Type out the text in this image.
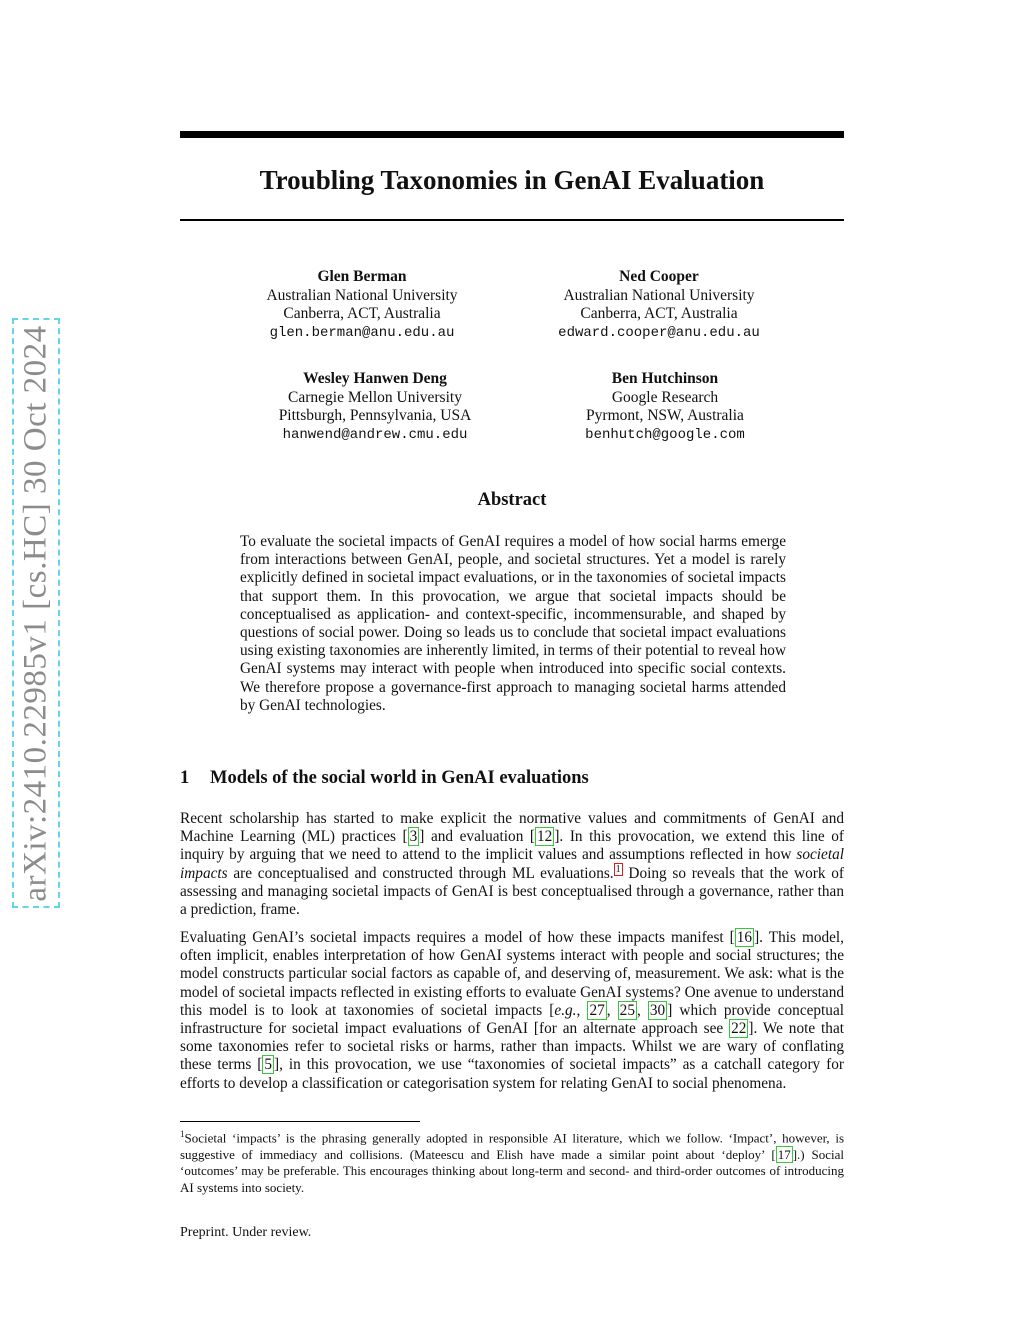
arXiv:2410.22985v1 [cs.HC] 30 Oct 2024
Troubling Taxonomies in GenAI Evaluation
Glen Berman
Australian National University
Canberra, ACT, Australia
glen.berman@anu.edu.au
Ned Cooper
Australian National University
Canberra, ACT, Australia
edward.cooper@anu.edu.au
Wesley Hanwen Deng
Carnegie Mellon University
Pittsburgh, Pennsylvania, USA
hanwend@andrew.cmu.edu
Ben Hutchinson
Google Research
Pyrmont, NSW, Australia
benhutch@google.com
Abstract

To evaluate the societal impacts of GenAI requires a model of how social harms emerge from interactions between GenAI, people, and societal structures. Yet a model is rarely explicitly defined in societal impact evaluations, or in the taxonomies of societal impacts that support them. In this provocation, we argue that societal impacts should be conceptualised as application- and context-specific, incommensurable, and shaped by questions of social power. Doing so leads us to conclude that societal impact evaluations using existing taxonomies are inherently limited, in terms of their potential to reveal how GenAI systems may interact with people when introduced into specific social contexts. We therefore propose a governance-first approach to managing societal harms attended by GenAI technologies.

1 Models of the social world in GenAI evaluations

Recent scholarship has started to make explicit the normative values and commitments of GenAI and Machine Learning (ML) practices [ 3 ] and evaluation [ 12 ]. In this provocation, we extend this line of inquiry by arguing that we need to attend to the implicit values and assumptions reflected in how societal impacts are conceptualised and constructed through ML evaluations. $^1$ Doing so reveals that the work of assessing and managing societal impacts of GenAI is best conceptualised through a governance, rather than a prediction, frame.

Evaluating GenAI’s societal impacts requires a model of how these impacts manifest [ 16 ]. This model, often implicit, enables interpretation of how GenAI systems interact with people and social structures; the model constructs particular social factors as capable of, and deserving of, measurement. We ask: what is the model of societal impacts reflected in existing efforts to evaluate GenAI systems? One avenue to understand this model is to look at taxonomies of societal impacts [e.g., 27 , 25 , 30 ] which provide conceptual infrastructure for societal impact evaluations of GenAI [for an alternate approach see 22 ]. We note that some taxonomies refer to societal risks or harms, rather than impacts. Whilst we are wary of conflating these terms [ 5 ], in this provocation, we use “taxonomies of societal impacts” as a catchall category for efforts to develop a classification or categorisation system for relating GenAI to social phenomena.

$^1$Societal ‘impacts’ is the phrasing generally adopted in responsible AI literature, which we follow. ‘Impact’, however, is suggestive of immediacy and collisions. (Mateescu and Elish have made a similar point about ‘deploy’ [ 17 ].) Social ‘outcomes’ may be preferable. This encourages thinking about long-term and second- and third-order outcomes of introducing AI systems into society.

Preprint. Under review.
